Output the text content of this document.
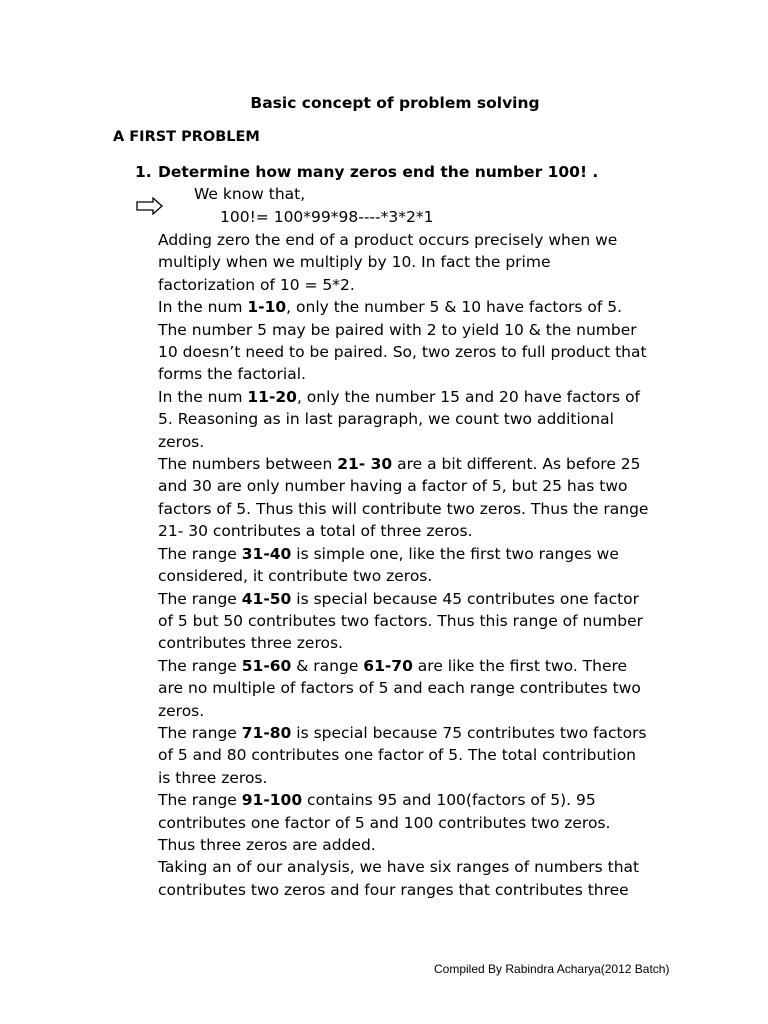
Basic concept of problem solving
A FIRST PROBLEM
1. Determine how many zeros end the number 100! .
We know that,
100!= 100*99*98----*3*2*1

Adding zero the end of a product occurs precisely when we
multiply when we multiply by 10. In fact the prime
factorization of 10 = 5*2.

In the num 1-10, only the number 5 & 10 have factors of 5.
The number 5 may be paired with 2 to yield 10 & the number
10 doesn’t need to be paired. So, two zeros to full product that
forms the factorial.

In the num 11-20, only the number 15 and 20 have factors of
5. Reasoning as in last paragraph, we count two additional
zeros.

The numbers between 21- 30 are a bit different. As before 25
and 30 are only number having a factor of 5, but 25 has two
factors of 5. Thus this will contribute two zeros. Thus the range
21- 30 contributes a total of three zeros.

The range 31-40 is simple one, like the first two ranges we
considered, it contribute two zeros.

The range 41-50 is special because 45 contributes one factor
of 5 but 50 contributes two factors. Thus this range of number
contributes three zeros.

The range 51-60 & range 61-70 are like the first two. There
are no multiple of factors of 5 and each range contributes two
zeros.

The range 71-80 is special because 75 contributes two factors
of 5 and 80 contributes one factor of 5. The total contribution
is three zeros.

The range 91-100 contains 95 and 100(factors of 5). 95
contributes one factor of 5 and 100 contributes two zeros.
Thus three zeros are added.

Taking an of our analysis, we have six ranges of numbers that
contributes two zeros and four ranges that contributes three

Compiled By Rabindra Acharya(2012 Batch)
